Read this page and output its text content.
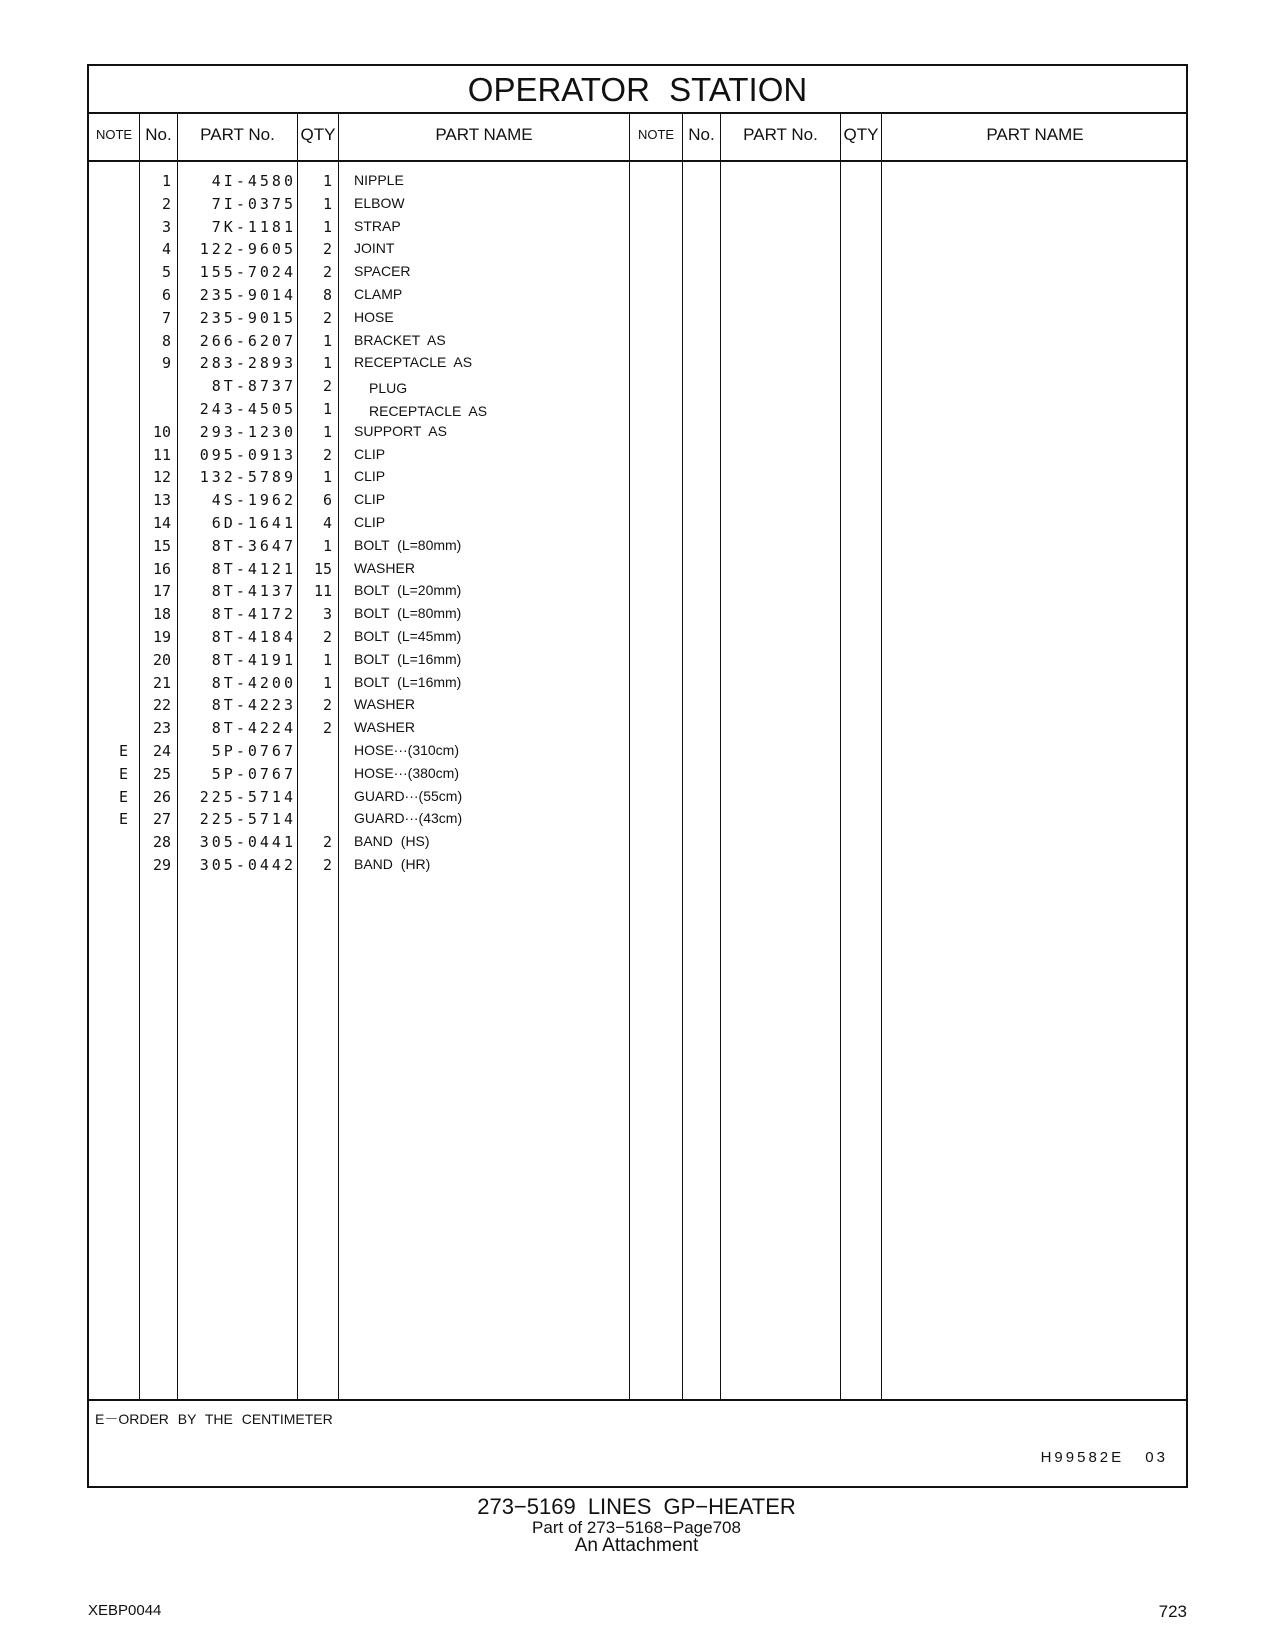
OPERATOR STATION
NOTE No.	PART No.	QTY	PART NAME	NOTE No.	PART No.	QTY	PART NAME
1	4I-4580	1 NIPPLE
2	7I-0375	1 ELBOW
3	7K-1181	1 STRAP
4	122-9605	2 JOINT
5	155-7024	2 SPACER
6	235-9014	8 CLAMP
7	235-9015	2 HOSE
8	266-6207	1 BRACKET AS
9	283-2893	1 RECEPTACLE AS
8T-8737	2	PLUG
243-4505	1	RECEPTACLE AS
10	293-1230	1 SUPPORT AS
11	095-0913	2 CLIP
12	132-5789	1 CLIP
13	4S-1962	6 CLIP
14	6D-1641	4 CLIP
15	8T-3647	1 BOLT (L=80mm)
16	8T-4121	15 WASHER
17	8T-4137	11 BOLT (L=20mm)
18	8T-4172	3 BOLT (L=80mm)
19	8T-4184	2 BOLT (L=45mm)
20	8T-4191	1 BOLT (L=16mm)
21	8T-4200	1 BOLT (L=16mm)
22	8T-4223	2 WASHER
23	8T-4224	2 WASHER
E	24	5P-0767	HOSE···(310cm)
E	25	5P-0767	HOSE···(380cm)
E	26	225-5714	GUARD···(55cm)
E	27	225-5714	GUARD···(43cm)
28	305-0441	2 BAND (HS)
29	305-0442	2 BAND (HR)
E－ORDER BY THE CENTIMETER
H99582E 03
273−5169 LINES GP−HEATER
Part of 273−5168−Page708
An Attachment
XEBP0044	723
